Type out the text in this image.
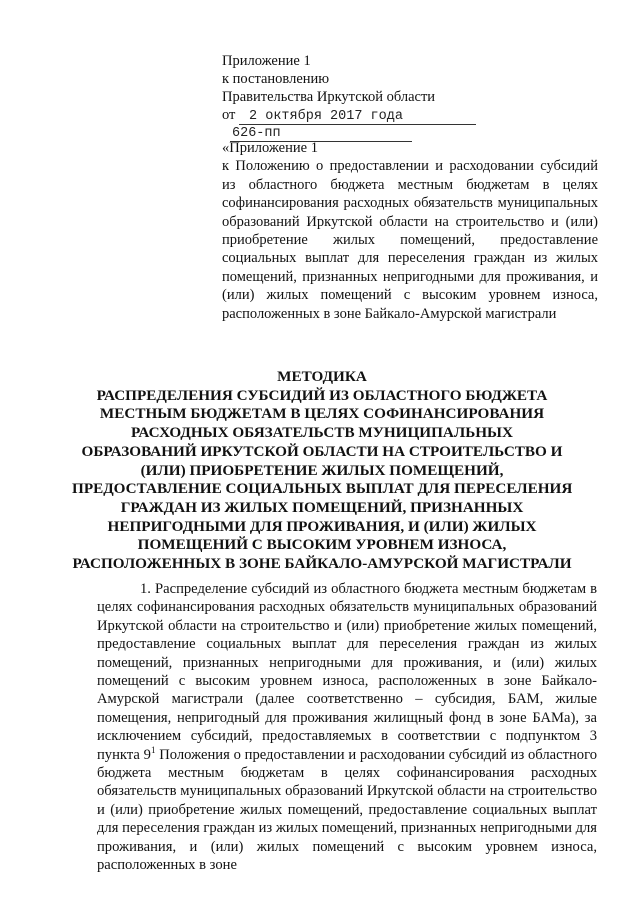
Приложение 1
к постановлению
Правительства Иркутской области
от 2 октября 2017 года
626-пп
«Приложение 1
к Положению о предоставлении и расходовании субсидий из областного бюджета местным бюджетам в целях софинансирования расходных обязательств муниципальных образований Иркутской области на строительство и (или) приобретение жилых помещений, предоставление социальных выплат для переселения граждан из жилых помещений, признанных непригодными для проживания, и (или) жилых помещений с высоким уровнем износа, расположенных в зоне Байкало-Амурской магистрали
МЕТОДИКА
РАСПРЕДЕЛЕНИЯ СУБСИДИЙ ИЗ ОБЛАСТНОГО БЮДЖЕТА
МЕСТНЫМ БЮДЖЕТАМ В ЦЕЛЯХ СОФИНАНСИРОВАНИЯ
РАСХОДНЫХ ОБЯЗАТЕЛЬСТВ МУНИЦИПАЛЬНЫХ
ОБРАЗОВАНИЙ ИРКУТСКОЙ ОБЛАСТИ НА СТРОИТЕЛЬСТВО И
(ИЛИ) ПРИОБРЕТЕНИЕ ЖИЛЫХ ПОМЕЩЕНИЙ,
ПРЕДОСТАВЛЕНИЕ СОЦИАЛЬНЫХ ВЫПЛАТ ДЛЯ ПЕРЕСЕЛЕНИЯ
ГРАЖДАН ИЗ ЖИЛЫХ ПОМЕЩЕНИЙ, ПРИЗНАННЫХ
НЕПРИГОДНЫМИ ДЛЯ ПРОЖИВАНИЯ, И (ИЛИ) ЖИЛЫХ
ПОМЕЩЕНИЙ С ВЫСОКИМ УРОВНЕМ ИЗНОСА,
РАСПОЛОЖЕННЫХ В ЗОНЕ БАЙКАЛО-АМУРСКОЙ МАГИСТРАЛИ

1. Распределение субсидий из областного бюджета местным бюджетам в целях софинансирования расходных обязательств муниципальных образований Иркутской области на строительство и (или) приобретение жилых помещений, предоставление социальных выплат для переселения граждан из жилых помещений, признанных непригодными для проживания, и (или) жилых помещений с высоким уровнем износа, расположенных в зоне Байкало-Амурской магистрали (далее соответственно – субсидия, БАМ, жилые помещения, непригодный для проживания жилищный фонд в зоне БАМа), за исключением субсидий, предоставляемых в соответствии с подпунктом 3 пункта $9^1$ Положения о предоставлении и расходовании субсидий из областного бюджета местным бюджетам в целях софинансирования расходных обязательств муниципальных образований Иркутской области на строительство и (или) приобретение жилых помещений, предоставление социальных выплат для переселения граждан из жилых помещений, признанных непригодными для проживания, и (или) жилых помещений с высоким уровнем износа, расположенных в зоне
